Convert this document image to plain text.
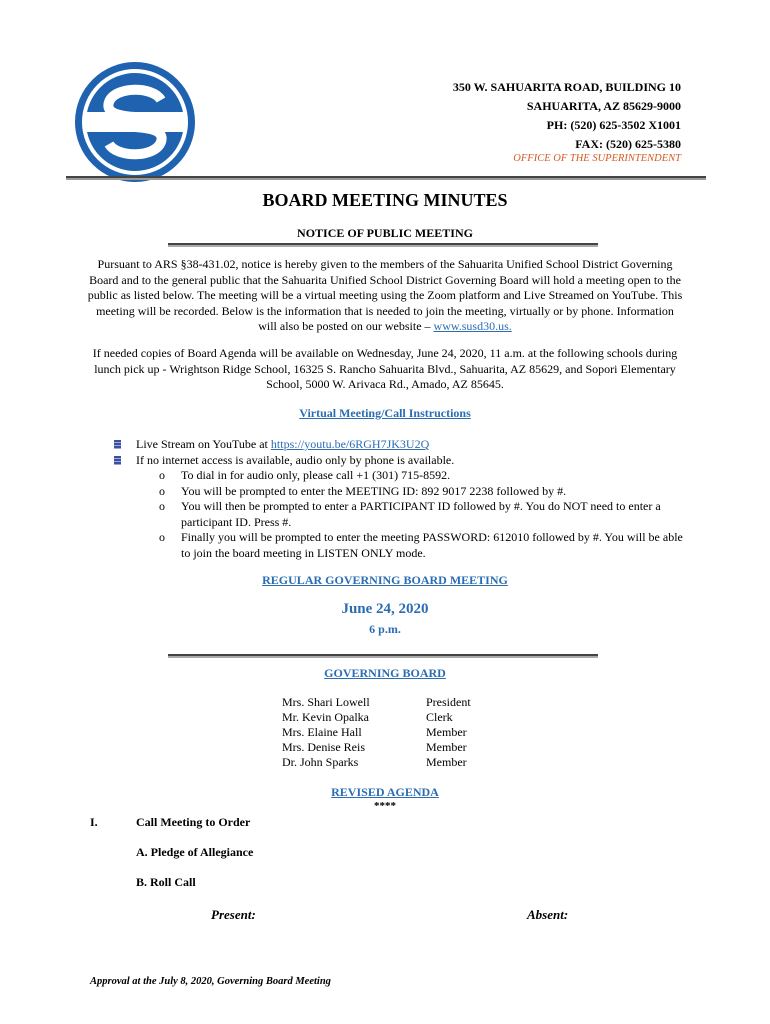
350 W. SAHUARITA ROAD, BUILDING 10
SAHUARITA, AZ 85629-9000
PH: (520) 625-3502 X1001
FAX: (520) 625-5380
OFFICE OF THE SUPERINTENDENT
BOARD MEETING MINUTES
NOTICE OF PUBLIC MEETING
Pursuant to ARS §38-431.02, notice is hereby given to the members of the Sahuarita Unified School District Governing Board and to the general public that the Sahuarita Unified School District Governing Board will hold a meeting open to the public as listed below. The meeting will be a virtual meeting using the Zoom platform and Live Streamed on YouTube. This meeting will be recorded. Below is the information that is needed to join the meeting, virtually or by phone. Information will also be posted on our website – www.susd30.us.
If needed copies of Board Agenda will be available on Wednesday, June 24, 2020, 11 a.m. at the following schools during lunch pick up - Wrightson Ridge School, 16325 S. Rancho Sahuarita Blvd., Sahuarita, AZ 85629, and Sopori Elementary School, 5000 W. Arivaca Rd., Amado, AZ 85645.
Virtual Meeting/Call Instructions
Live Stream on YouTube at https://youtu.be/6RGH7JK3U2Q
If no internet access is available, audio only by phone is available.
o To dial in for audio only, please call +1 (301) 715-8592.
o You will be prompted to enter the MEETING ID: 892 9017 2238 followed by #.
o You will then be prompted to enter a PARTICIPANT ID followed by #. You do NOT need to enter a participant ID. Press #.
o Finally you will be prompted to enter the meeting PASSWORD: 612010 followed by #. You will be able to join the board meeting in LISTEN ONLY mode.
REGULAR GOVERNING BOARD MEETING
June 24, 2020
6 p.m.
GOVERNING BOARD
Mrs. Shari Lowell
Mr. Kevin Opalka
Mrs. Elaine Hall
Mrs. Denise Reis
Dr. John Sparks
President
Clerk
Member
Member
Member
REVISED AGENDA
****
I.	Call Meeting to Order
A. Pledge of Allegiance
B. Roll Call
Present:	Absent:
Approval at the July 8, 2020, Governing Board Meeting
